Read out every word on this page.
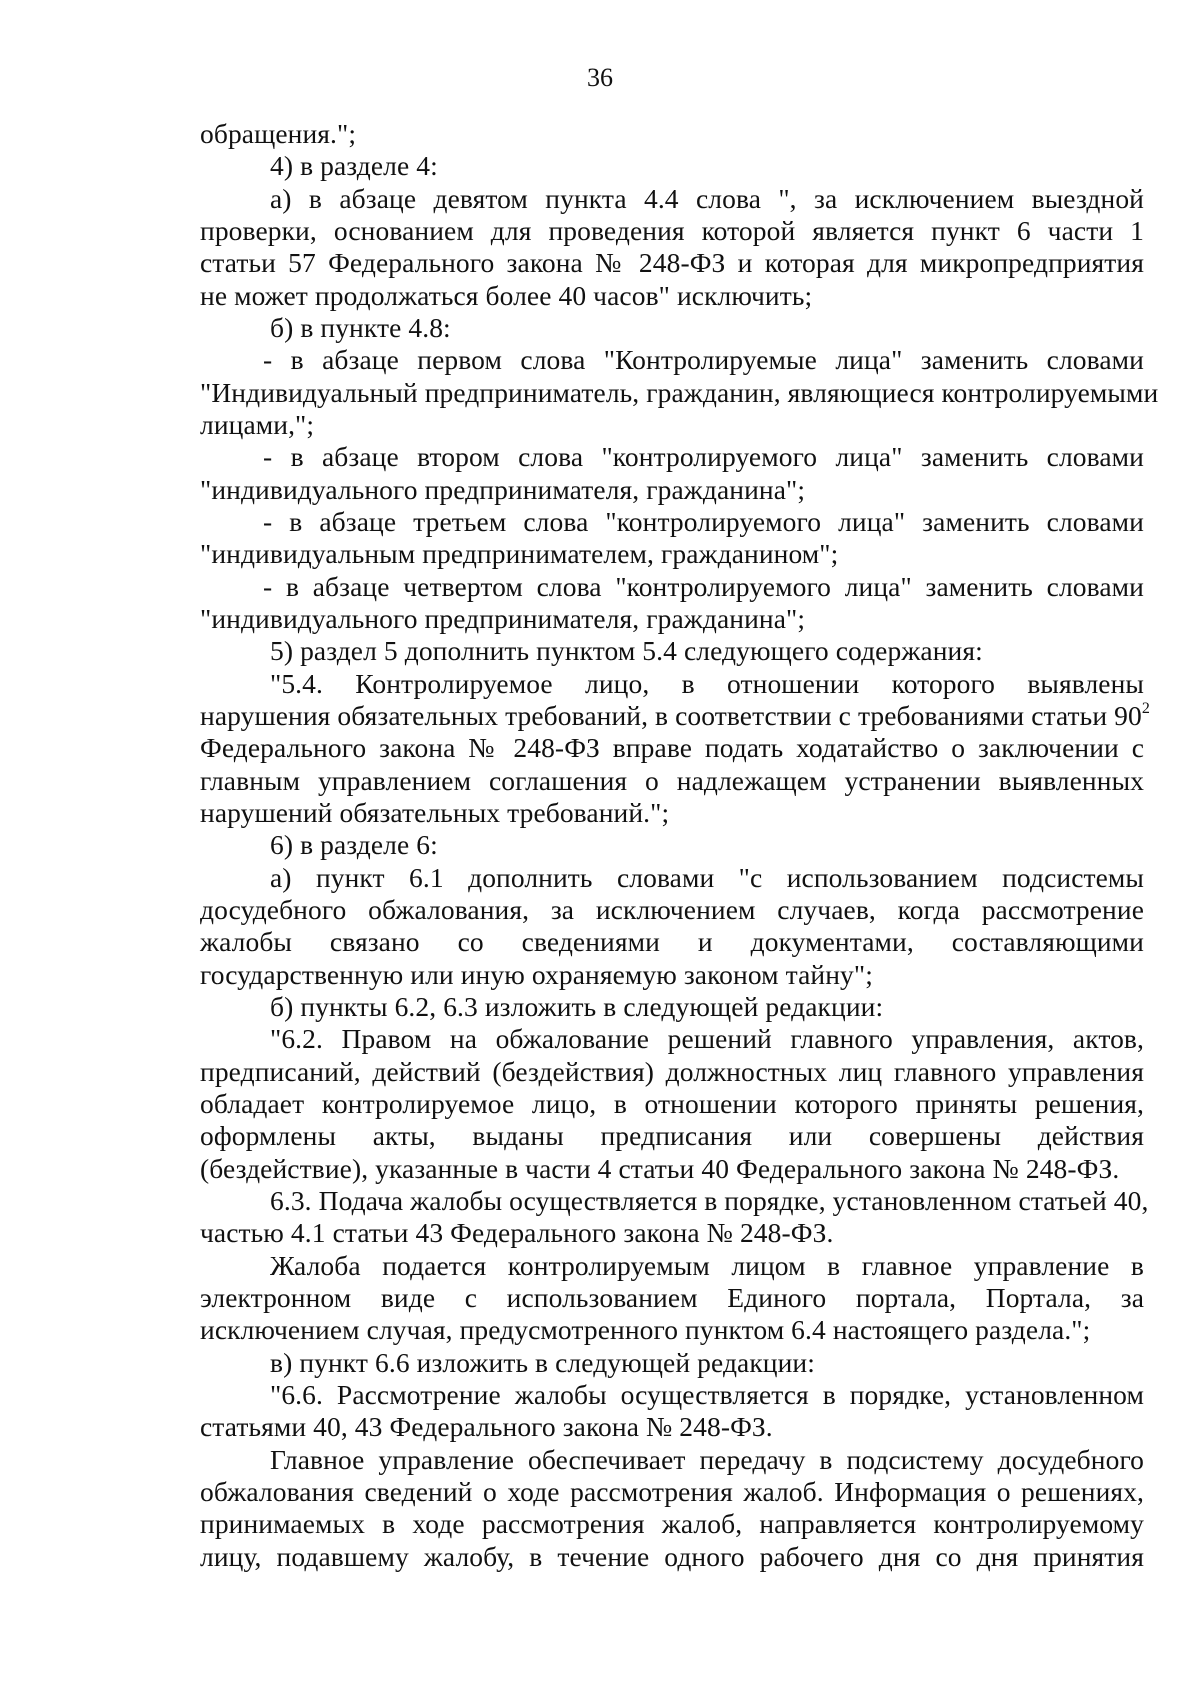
36
обращения.";
4) в разделе 4:
а) в абзаце девятом пункта 4.4 слова ", за исключением выездной
проверки, основанием для проведения которой является пункт 6 части 1
статьи 57 Федерального закона № 248-ФЗ и которая для микропредприятия
не может продолжаться более 40 часов" исключить;
б) в пункте 4.8:
- в абзаце первом слова "Контролируемые лица" заменить словами
"Индивидуальный предприниматель, гражданин, являющиеся контролируемыми
лицами,";
- в абзаце втором слова "контролируемого лица" заменить словами
"индивидуального предпринимателя, гражданина";
- в абзаце третьем слова "контролируемого лица" заменить словами
"индивидуальным предпринимателем, гражданином";
- в абзаце четвертом слова "контролируемого лица" заменить словами
"индивидуального предпринимателя, гражданина";
5) раздел 5 дополнить пунктом 5.4 следующего содержания:
"5.4. Контролируемое лицо, в отношении которого выявлены
нарушения обязательных требований, в соответствии с требованиями статьи $90^2$
Федерального закона № 248-ФЗ вправе подать ходатайство о заключении с
главным управлением соглашения о надлежащем устранении выявленных
нарушений обязательных требований.";
6) в разделе 6:
а) пункт 6.1 дополнить словами "с использованием подсистемы
досудебного обжалования, за исключением случаев, когда рассмотрение
жалобы связано со сведениями и документами, составляющими
государственную или иную охраняемую законом тайну";
б) пункты 6.2, 6.3 изложить в следующей редакции:
"6.2. Правом на обжалование решений главного управления, актов,
предписаний, действий (бездействия) должностных лиц главного управления
обладает контролируемое лицо, в отношении которого приняты решения,
оформлены акты, выданы предписания или совершены действия
(бездействие), указанные в части 4 статьи 40 Федерального закона № 248-ФЗ.
6.3. Подача жалобы осуществляется в порядке, установленном статьей 40,
частью 4.1 статьи 43 Федерального закона № 248-ФЗ.
Жалоба подается контролируемым лицом в главное управление в
электронном виде с использованием Единого портала, Портала, за
исключением случая, предусмотренного пунктом 6.4 настоящего раздела.";
в) пункт 6.6 изложить в следующей редакции:
"6.6. Рассмотрение жалобы осуществляется в порядке, установленном
статьями 40, 43 Федерального закона № 248-ФЗ.
Главное управление обеспечивает передачу в подсистему досудебного
обжалования сведений о ходе рассмотрения жалоб. Информация о решениях,
принимаемых в ходе рассмотрения жалоб, направляется контролируемому
лицу, подавшему жалобу, в течение одного рабочего дня со дня принятия
